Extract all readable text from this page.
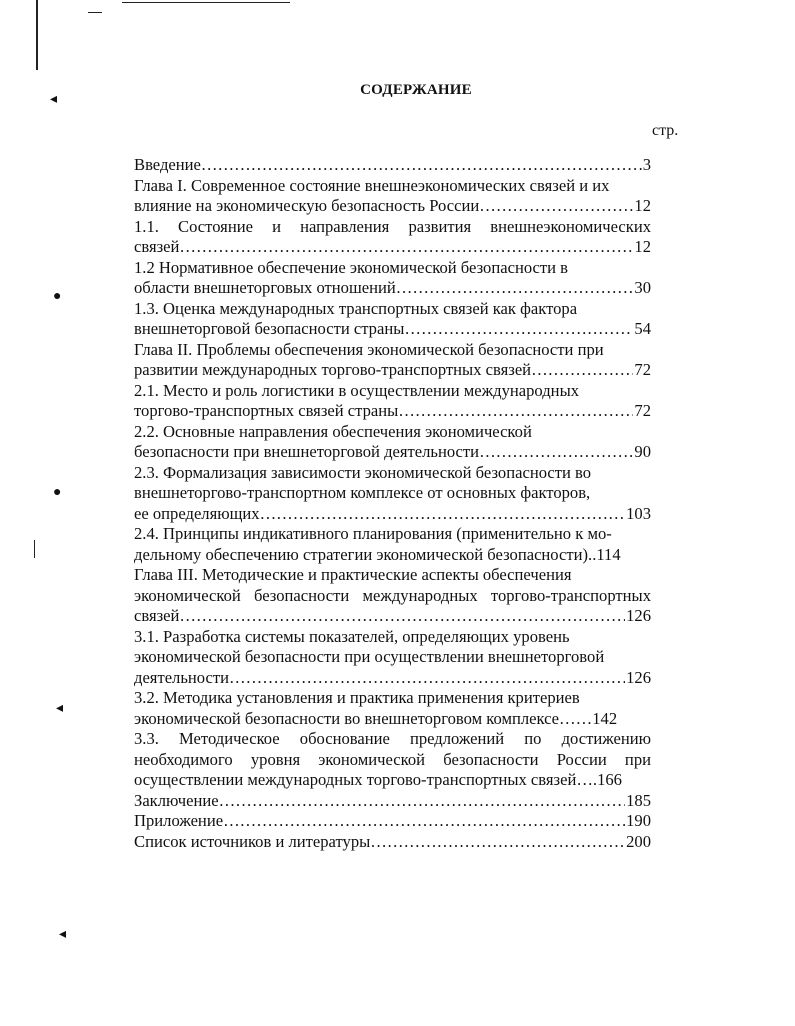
◂
●
●
◂
◂
СОДЕРЖАНИЕ
стр.
Введение ……………………………………………………………………………………………………………………………………	3
Глава I. Современное состояние внешнеэкономических связей и их
влияние на экономическую безопасность России ……………………………………………………………………………………………………………………………………	12
1.1. Состояние и направления развития внешнеэкономических
связей ……………………………………………………………………………………………………………………………………	12
1.2 Нормативное обеспечение экономической безопасности в
области внешнеторговых отношений ……………………………………………………………………………………………………………………………………	30
1.3. Оценка международных транспортных связей как фактора
внешнеторговой безопасности страны ……………………………………………………………………………………………………………………………………	54
Глава II. Проблемы обеспечения экономической безопасности при
развитии международных торгово-транспортных связей ……………………………………………………………………………………………………………………………………	72
2.1. Место и роль логистики в осуществлении международных
торгово-транспортных связей страны ……………………………………………………………………………………………………………………………………	72
2.2. Основные направления обеспечения экономической
безопасности при внешнеторговой деятельности ……………………………………………………………………………………………………………………………………	90
2.3. Формализация зависимости экономической безопасности во
внешнеторгово-транспортном комплексе от основных факторов,
ее определяющих ……………………………………………………………………………………………………………………………………	103
2.4. Принципы индикативного планирования (применительно к мо-
дельному обеспечению стратегии экономической безопасности)..114
Глава III. Методические и практические аспекты обеспечения
экономической безопасности международных торгово-транспортных
связей ……………………………………………………………………………………………………………………………………	126
3.1. Разработка системы показателей, определяющих уровень
экономической безопасности при осуществлении внешнеторговой
деятельности ……………………………………………………………………………………………………………………………………	126
3.2. Методика установления и практика применения критериев
экономической безопасности во внешнеторговом комплексе……142
3.3. Методическое обоснование предложений по достижению
необходимого уровня экономической безопасности России при
осуществлении международных торгово-транспортных связей….166
Заключение ……………………………………………………………………………………………………………………………………	185
Приложение ……………………………………………………………………………………………………………………………………	190
Список источников и литературы ……………………………………………………………………………………………………………………………………	200
